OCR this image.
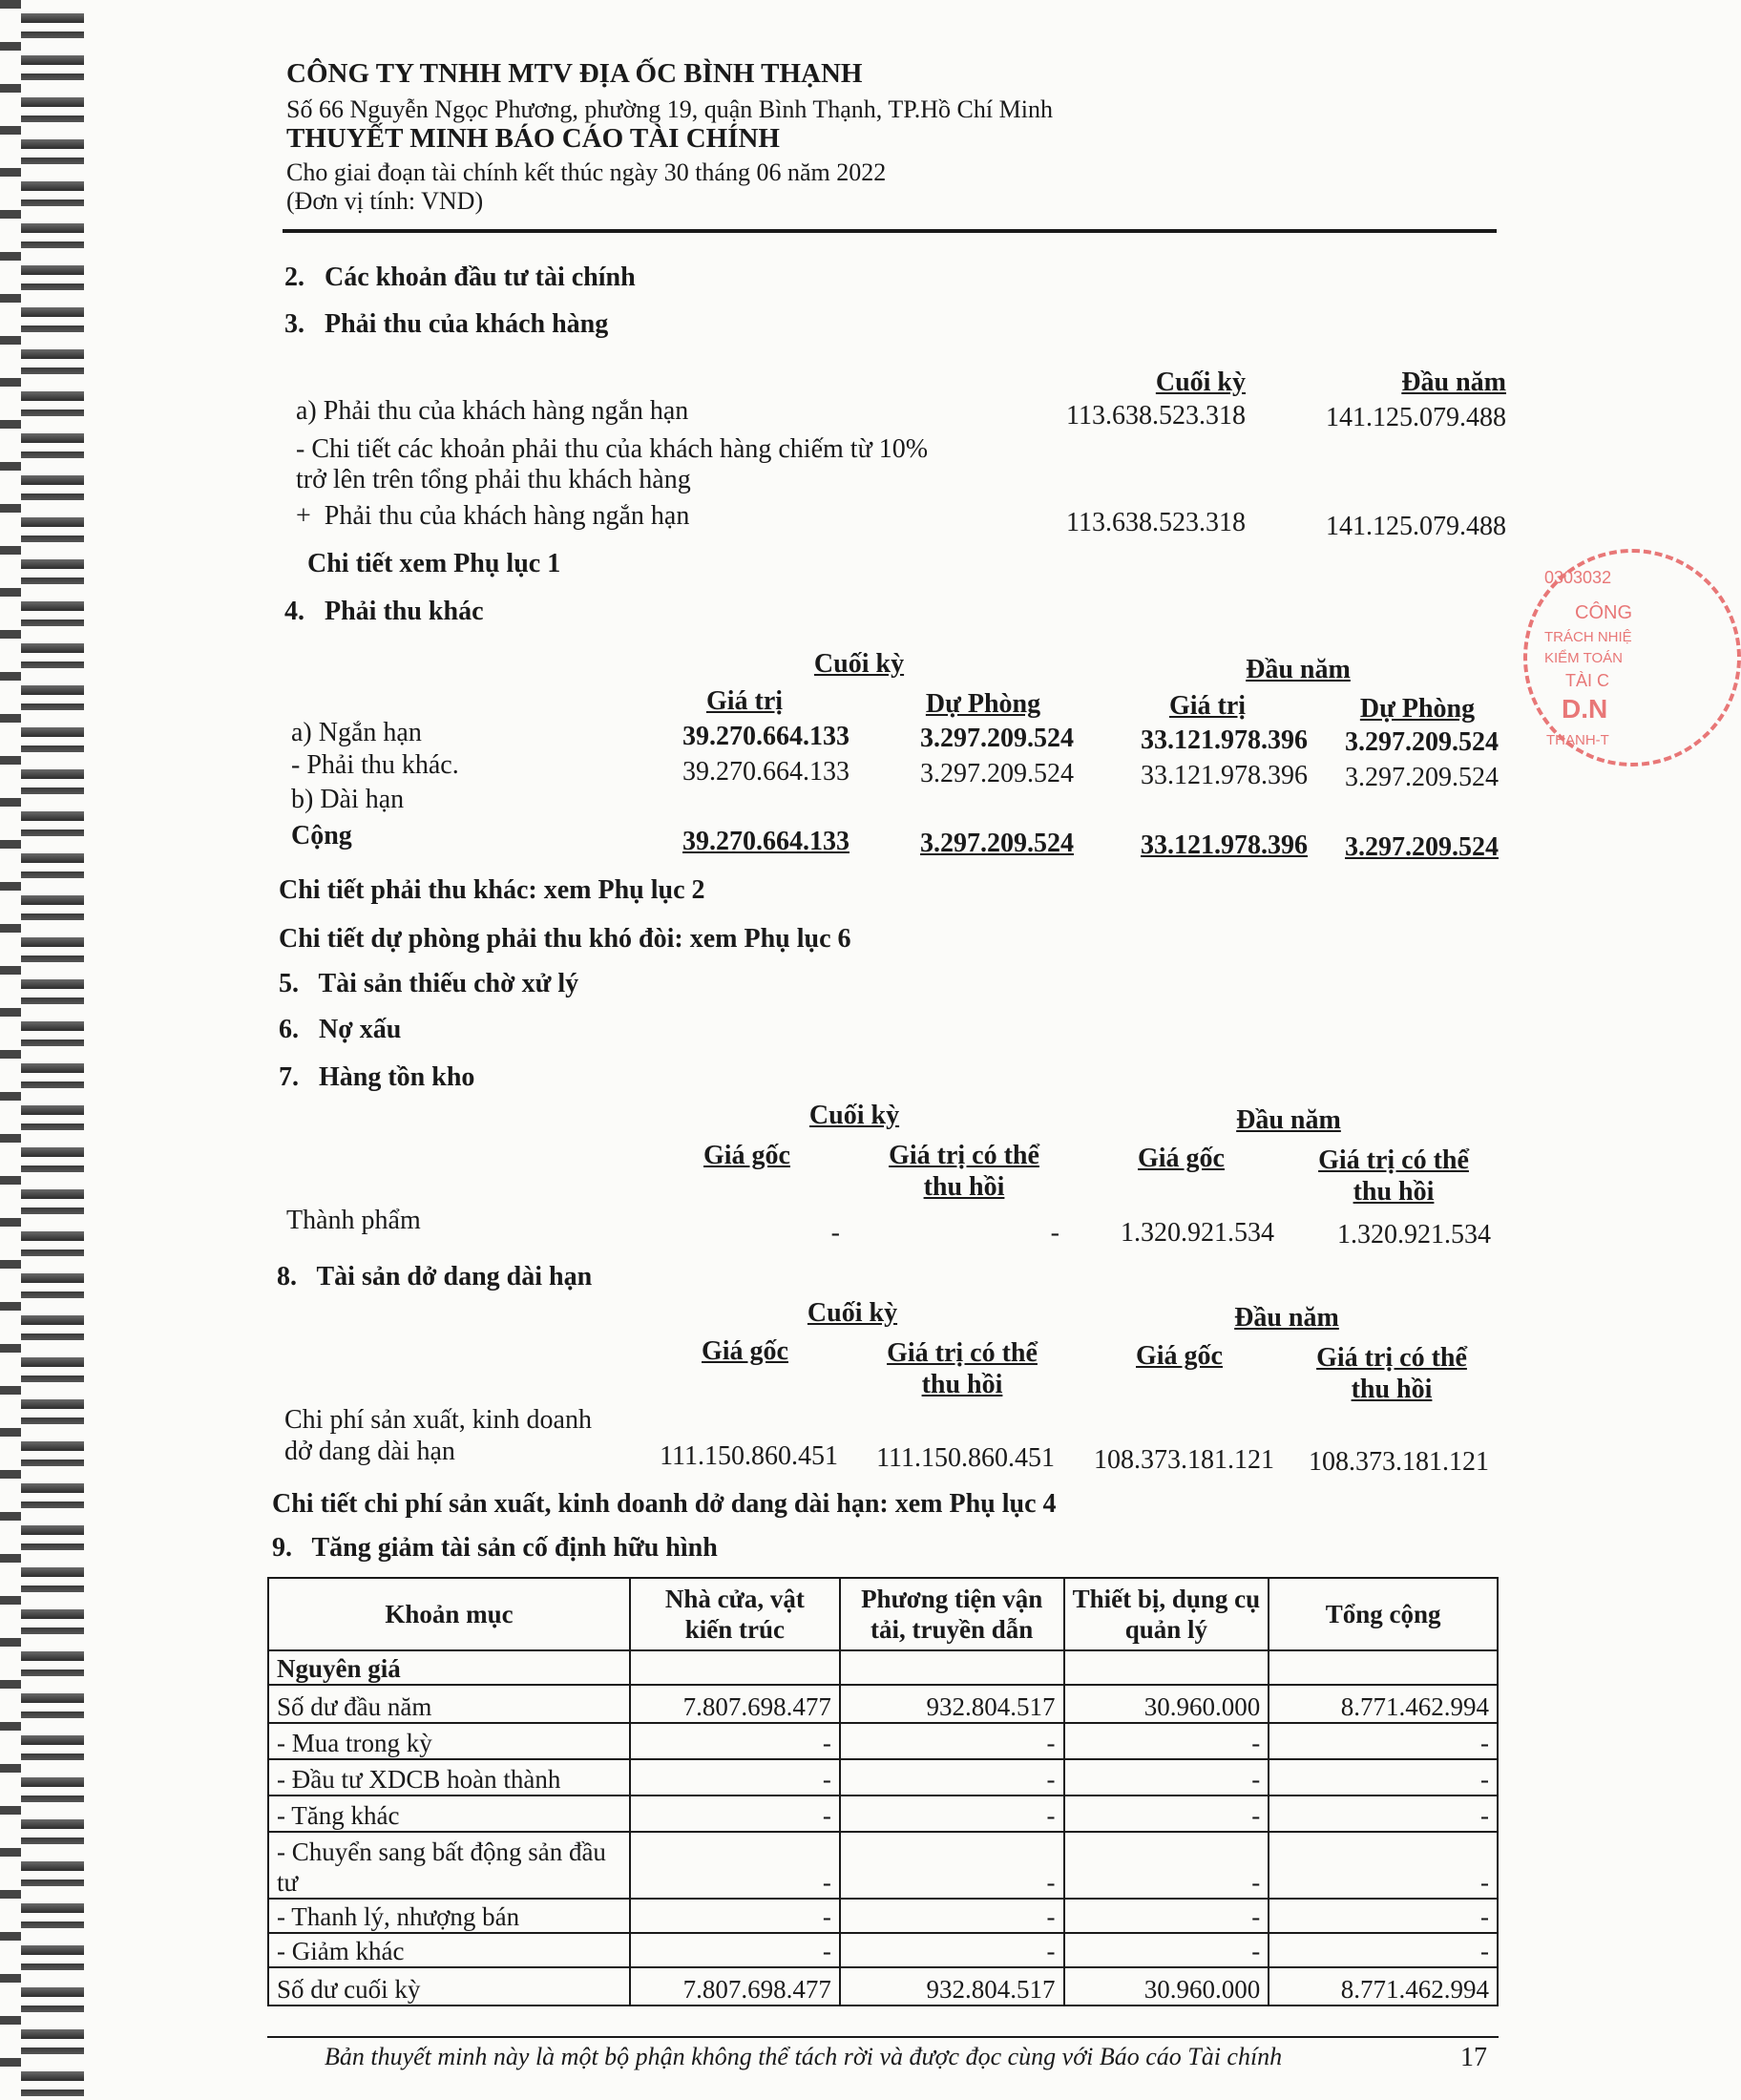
CÔNG TY TNHH MTV ĐỊA ỐC BÌNH THẠNH
Số 66 Nguyễn Ngọc Phương, phường 19, quận Bình Thạnh, TP.Hồ Chí Minh
THUYẾT MINH BÁO CÁO TÀI CHÍNH
Cho giai đoạn tài chính kết thúc ngày 30 tháng 06 năm 2022
(Đơn vị tính: VND)
2.   Các khoản đầu tư tài chính
3.   Phải thu của khách hàng
Cuối kỳ	Đầu năm
a) Phải thu của khách hàng ngắn hạn	113.638.523.318	141.125.079.488
- Chi tiết các khoản phải thu của khách hàng chiếm từ 10%
trở lên trên tổng phải thu khách hàng
+  Phải thu của khách hàng ngắn hạn	113.638.523.318	141.125.079.488
Chi tiết xem Phụ lục 1
4.   Phải thu khác
Cuối kỳ	Đầu năm
Giá trị	Dự Phòng	Giá trị	Dự Phòng
a) Ngắn hạn	39.270.664.133	3.297.209.524	33.121.978.396	3.297.209.524
- Phải thu khác.	39.270.664.133	3.297.209.524	33.121.978.396	3.297.209.524
b) Dài hạn
Cộng	39.270.664.133	3.297.209.524	33.121.978.396	3.297.209.524
Chi tiết phải thu khác: xem Phụ lục 2
Chi tiết dự phòng phải thu khó đòi: xem Phụ lục 6
5.   Tài sản thiếu chờ xử lý
6.   Nợ xấu
7.   Hàng tồn kho
Cuối kỳ	Đầu năm
Giá gốc	Giá trị có thể
thu hồi
Giá gốc	Giá trị có thể
thu hồi
Thành phẩm	-	-	1.320.921.534	1.320.921.534
8.   Tài sản dở dang dài hạn
Cuối kỳ	Đầu năm
Giá gốc	Giá trị có thể
thu hồi
Giá gốc	Giá trị có thể
thu hồi
Chi phí sản xuất, kinh doanh
dở dang dài hạn	111.150.860.451	111.150.860.451	108.373.181.121	108.373.181.121
Chi tiết chi phí sản xuất, kinh doanh dở dang dài hạn: xem Phụ lục 4
9.   Tăng giảm tài sản cố định hữu hình
Khoản mục	Nhà cửa, vật kiến trúc	Phương tiện vận tải, truyền dẫn	Thiết bị, dụng cụ quản lý	Tổng cộng
Nguyên giá				
Số dư đầu năm	7.807.698.477	932.804.517	30.960.000	8.771.462.994
- Mua trong kỳ	-	-	-	-
- Đầu tư XDCB hoàn thành	-	-	-	-
- Tăng khác	-	-	-	-
- Chuyển sang bất động sản đầu tư	-	-	-	-
- Thanh lý, nhượng bán	-	-	-	-
- Giảm khác	-	-	-	-
Số dư cuối kỳ	7.807.698.477	932.804.517	30.960.000	8.771.462.994
Bản thuyết minh này là một bộ phận không thể tách rời và được đọc cùng với Báo cáo Tài chính	17
0303032
CÔNG
TRÁCH NHIỆ
KIỂM TOÁN
TÀI C
D.N
THANH-T
